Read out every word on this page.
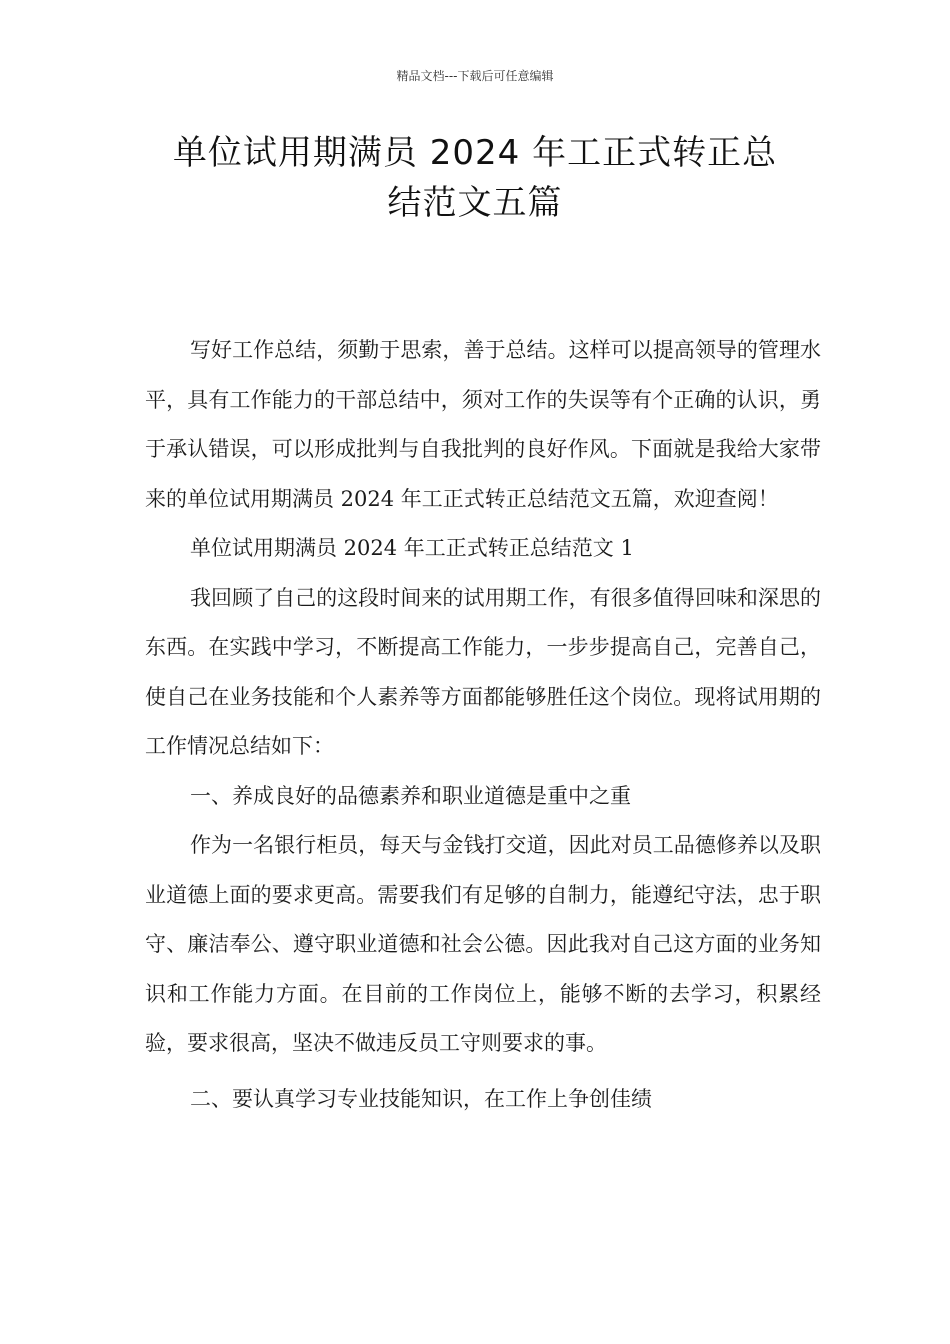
精品文档---下载后可任意编辑
单位试用期满员 2024 年工正式转正总
结范文五篇

写好工作总结，须勤于思索，善于总结。这样可以提高领导的管理水平，具有工作能力的干部总结中，须对工作的失误等有个正确的认识，勇于承认错误，可以形成批判与自我批判的良好作风。下面就是我给大家带来的单位试用期满员 2024 年工正式转正总结范文五篇，欢迎查阅！

单位试用期满员 2024 年工正式转正总结范文 1

我回顾了自己的这段时间来的试用期工作，有很多值得回味和深思的东西。在实践中学习，不断提高工作能力，一步步提高自己，完善自己，使自己在业务技能和个人素养等方面都能够胜任这个岗位。现将试用期的工作情况总结如下：

一、养成良好的品德素养和职业道德是重中之重

作为一名银行柜员，每天与金钱打交道，因此对员工品德修养以及职业道德上面的要求更高。需要我们有足够的自制力，能遵纪守法，忠于职守、廉洁奉公、遵守职业道德和社会公德。因此我对自己这方面的业务知识和工作能力方面。在目前的工作岗位上，能够不断的去学习，积累经验，要求很高，坚决不做违反员工守则要求的事。

二、要认真学习专业技能知识，在工作上争创佳绩
